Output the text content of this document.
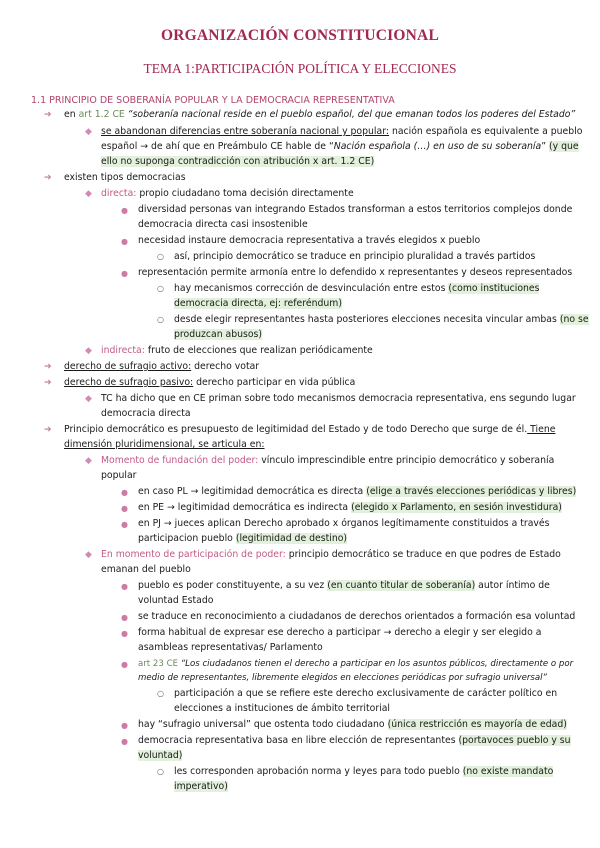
ORGANIZACIÓN CONSTITUCIONAL
TEMA 1:PARTICIPACIÓN POLÍTICA Y ELECCIONES
1.1 PRINCIPIO DE SOBERANÍA POPULAR Y LA DEMOCRACIA REPRESENTATIVA
➔ en art 1.2 CE “soberanía nacional reside en el pueblo español, del que emanan todos los poderes del Estado”
◆ se abandonan diferencias entre soberanía nacional y popular: nación española es equivalente a pueblo
español → de ahí que en Preámbulo CE hable de “Nación española (…) en uso de su soberanía” (y que
ello no suponga contradicción con atribución x art. 1.2 CE)
➔ existen tipos democracias
◆ directa: propio ciudadano toma decisión directamente
● diversidad personas van integrando Estados transforman a estos territorios complejos donde
democracia directa casi insostenible
● necesidad instaure democracia representativa a través elegidos x pueblo
○ así, principio democrático se traduce en principio pluralidad a través partidos
● representación permite armonía entre lo defendido x representantes y deseos representados
○ hay mecanismos corrección de desvinculación entre estos (como instituciones
democracia directa, ej: referéndum)
○ desde elegir representantes hasta posteriores elecciones necesita vincular ambas (no se
produzcan abusos)
◆ indirecta: fruto de elecciones que realizan periódicamente
➔ derecho de sufragio activo: derecho votar
➔ derecho de sufragio pasivo: derecho participar en vida pública
◆ TC ha dicho que en CE priman sobre todo mecanismos democracia representativa, ens segundo lugar
democracia directa
➔ Principio democrático es presupuesto de legitimidad del Estado y de todo Derecho que surge de él. Tiene
dimensión pluridimensional, se articula en:
◆ Momento de fundación del poder: vínculo imprescindible entre principio democrático y soberanía
popular
● en caso PL → legitimidad democrática es directa (elige a través elecciones periódicas y libres)
● en PE → legitimidad democrática es indirecta (elegido x Parlamento, en sesión investidura)
● en PJ → jueces aplican Derecho aprobado x órganos legítimamente constituidos a través
participacion pueblo (legitimidad de destino)
◆ En momento de participación de poder: principio democrático se traduce en que podres de Estado
emanan del pueblo
● pueblo es poder constituyente, a su vez (en cuanto titular de soberanía) autor íntimo de
voluntad Estado
● se traduce en reconocimiento a ciudadanos de derechos orientados a formación esa voluntad
● forma habitual de expresar ese derecho a participar → derecho a elegir y ser elegido a
asambleas representativas/ Parlamento
● art 23 CE “Los ciudadanos tienen el derecho a participar en los asuntos públicos, directamente o por
medio de representantes, libremente elegidos en elecciones periódicas por sufragio universal”
○ participación a que se refiere este derecho exclusivamente de carácter político en
elecciones a instituciones de ámbito territorial
● hay “sufragio universal” que ostenta todo ciudadano (única restricción es mayoría de edad)
● democracia representativa basa en libre elección de representantes (portavoces pueblo y su
voluntad)
○ les corresponden aprobación norma y leyes para todo pueblo (no existe mandato
imperativo)
